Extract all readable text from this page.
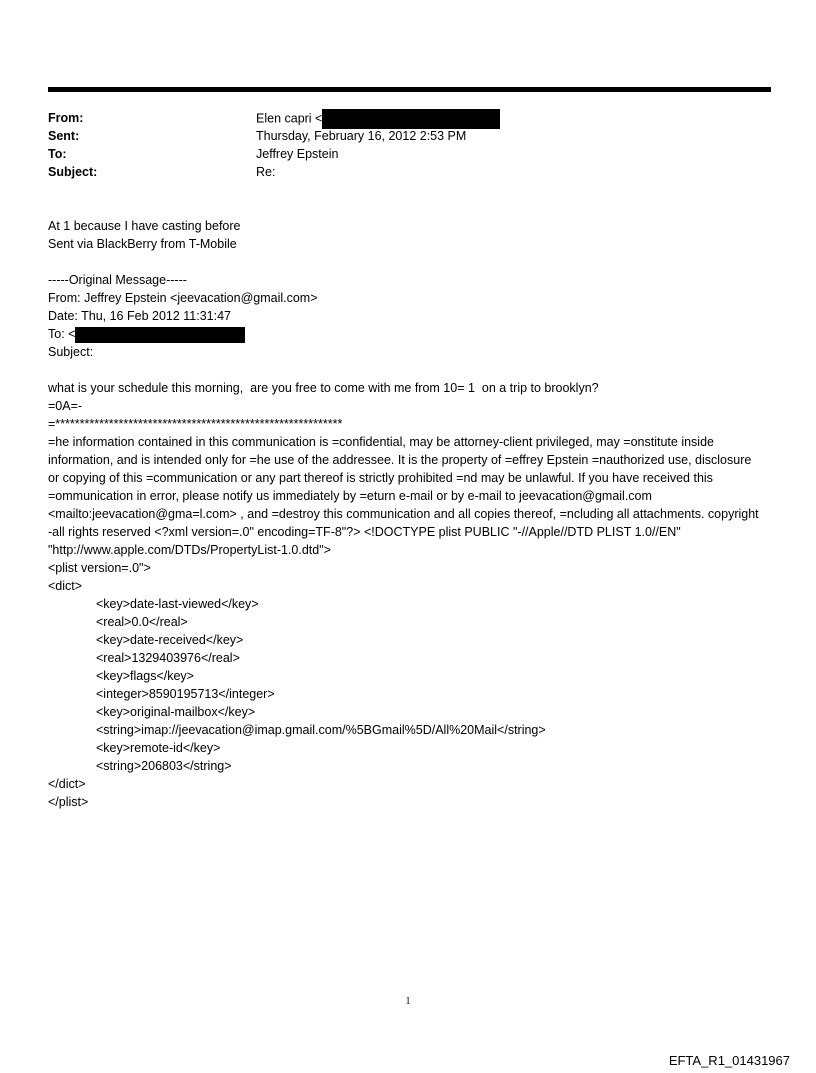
From:	Elen capri <
Sent:	Thursday, February 16, 2012 2:53 PM
To:	Jeffrey Epstein
Subject:	Re:
At 1 because I have casting before
Sent via BlackBerry from T-Mobile
-----Original Message-----
From: Jeffrey Epstein <jeevacation@gmail.com>
Date: Thu, 16 Feb 2012 11:31:47
To: <
Subject:
what is your schedule this morning,  are you free to come with me from 10= 1  on a trip to brooklyn?
=0A=-
=***********************************************************
=he information contained in this communication is =confidential, may be attorney-client privileged, may =onstitute inside information, and is intended only for =he use of the addressee. It is the property of =effrey Epstein =nauthorized use, disclosure or copying of this =communication or any part thereof is strictly prohibited =nd may be unlawful. If you have received this =ommunication in error, please notify us immediately by =eturn e-mail or by e-mail to jeevacation@gmail.com <mailto:jeevacation@gma=l.com> , and =destroy this communication and all copies thereof, =ncluding all attachments. copyright -all rights reserved <?xml version=.0" encoding=TF-8"?> <!DOCTYPE plist PUBLIC "-//Apple//DTD PLIST 1.0//EN" "http://www.apple.com/DTDs/PropertyList-1.0.dtd">
<plist version=.0">
<dict>
<key>date-last-viewed</key>
<real>0.0</real>
<key>date-received</key>
<real>1329403976</real>
<key>flags</key>
<integer>8590195713</integer>
<key>original-mailbox</key>
<string>imap://jeevacation@imap.gmail.com/%5BGmail%5D/All%20Mail</string>
<key>remote-id</key>
<string>206803</string>
</dict>
</plist>
1
EFTA_R1_01431967
